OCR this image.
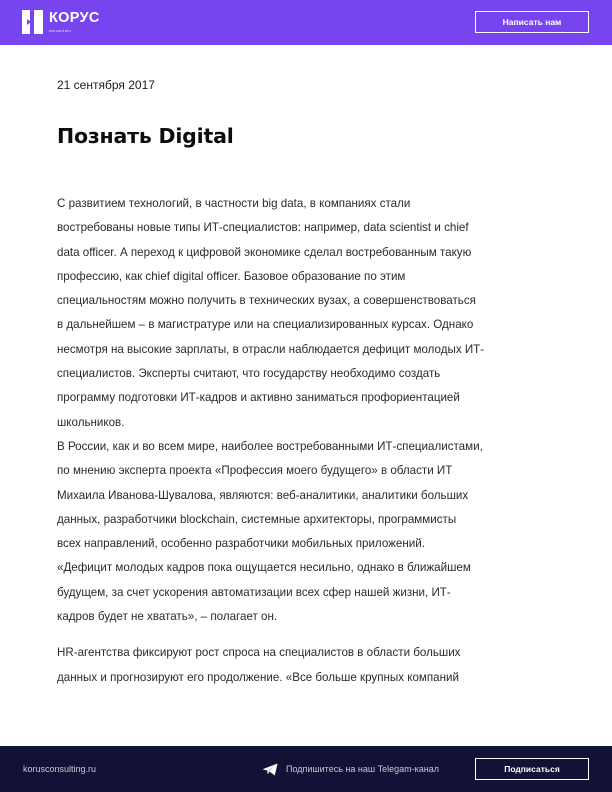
КОРУС
консалтинг
Написать нам
21 сентября 2017
Познать Digital
С развитием технологий, в частности big data, в компаниях стали
востребованы новые типы ИТ-специалистов: например, data scientist и chief
data officer. А переход к цифровой экономике сделал востребованным такую
профессию, как chief digital officer. Базовое образование по этим
специальностям можно получить в технических вузах, а совершенствоваться
в дальнейшем – в магистратуре или на специализированных курсах. Однако
несмотря на высокие зарплаты, в отрасли наблюдается дефицит молодых ИТ-
специалистов. Эксперты считают, что государству необходимо создать
программу подготовки ИТ-кадров и активно заниматься профориентацией
школьников.
В России, как и во всем мире, наиболее востребованными ИТ-специалистами,
по мнению эксперта проекта «Профессия моего будущего» в области ИТ
Михаила Иванова-Шувалова, являются: веб-аналитики, аналитики больших
данных, разработчики blockchain, системные архитекторы, программисты
всех направлений, особенно разработчики мобильных приложений.
«Дефицит молодых кадров пока ощущается несильно, однако в ближайшем
будущем, за счет ускорения автоматизации всех сфер нашей жизни, ИТ-
кадров будет не хватать», – полагает он.
HR-агентства фиксируют рост спроса на специалистов в области больших
данных и прогнозируют его продолжение. «Все больше крупных компаний
korusconsulting.ru	Подпишитесь на наш Telegam-канал	Подписаться
